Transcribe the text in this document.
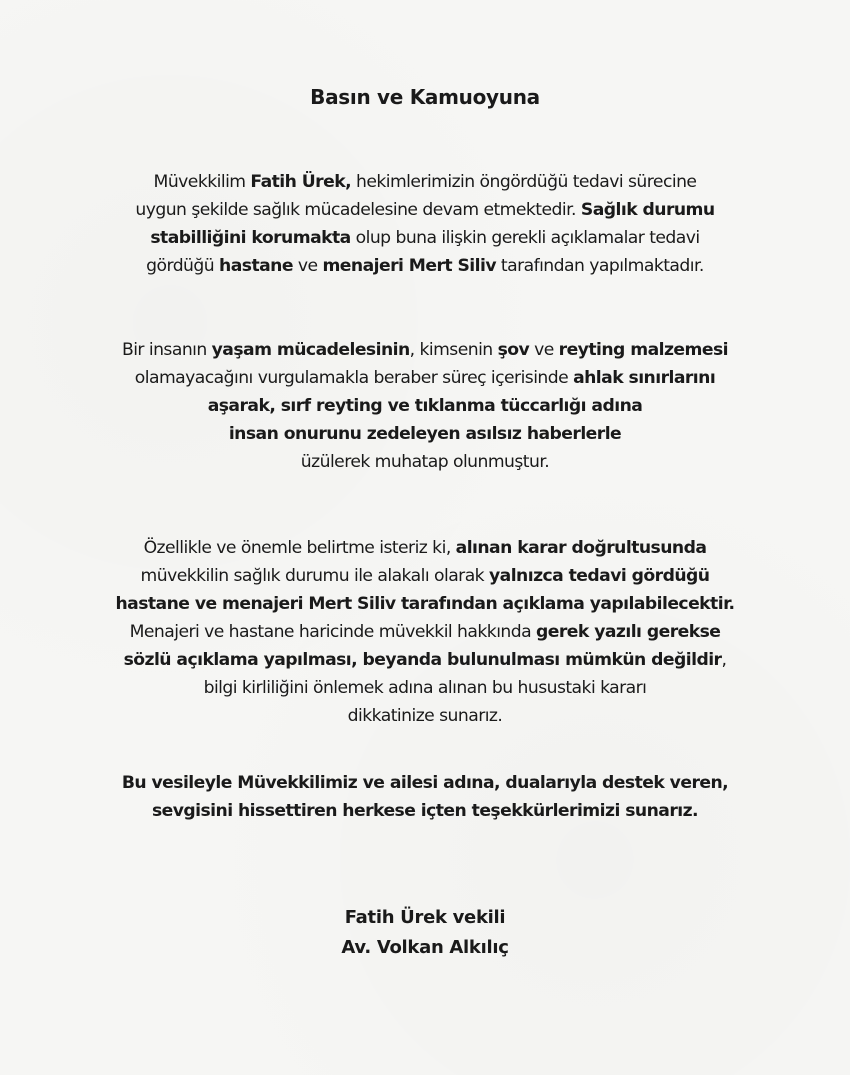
Basın ve Kamuoyuna
Müvekkilim Fatih Ürek, hekimlerimizin öngördüğü tedavi sürecine
uygun şekilde sağlık mücadelesine devam etmektedir. Sağlık durumu
stabilliğini korumakta olup buna ilişkin gerekli açıklamalar tedavi
gördüğü hastane ve menajeri Mert Siliv tarafından yapılmaktadır.
Bir insanın yaşam mücadelesinin, kimsenin şov ve reyting malzemesi
olamayacağını vurgulamakla beraber süreç içerisinde ahlak sınırlarını
aşarak, sırf reyting ve tıklanma tüccarlığı adına
insan onurunu zedeleyen asılsız haberlerle
üzülerek muhatap olunmuştur.
Özellikle ve önemle belirtme isteriz ki, alınan karar doğrultusunda
müvekkilin sağlık durumu ile alakalı olarak yalnızca tedavi gördüğü
hastane ve menajeri Mert Siliv tarafından açıklama yapılabilecektir.
Menajeri ve hastane haricinde müvekkil hakkında gerek yazılı gerekse
sözlü açıklama yapılması, beyanda bulunulması mümkün değildir,
bilgi kirliliğini önlemek adına alınan bu husustaki kararı
dikkatinize sunarız.
Bu vesileyle Müvekkilimiz ve ailesi adına, dualarıyla destek veren,
sevgisini hissettiren herkese içten teşekkürlerimizi sunarız.
Fatih Ürek vekili
Av. Volkan Alkılıç
